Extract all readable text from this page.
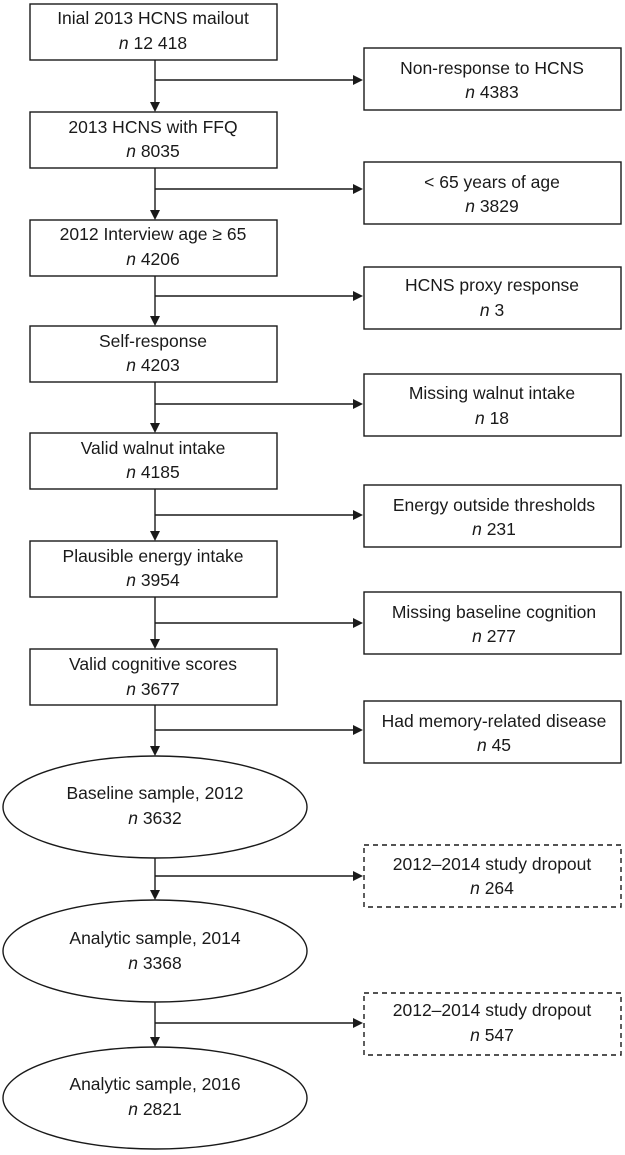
Inial 2013 HCNS mailout
n 12 418
2013 HCNS with FFQ
n 8035
2012 Interview age ≥ 65
n 4206
Self-response
n 4203
Valid walnut intake
n 4185
Plausible energy intake
n 3954
Valid cognitive scores
n 3677
Baseline sample, 2012
n 3632
Analytic sample, 2014
n 3368
Analytic sample, 2016
n 2821
Non-response to HCNS
n 4383
< 65 years of age
n 3829
HCNS proxy response
n 3
Missing walnut intake
n 18
Energy outside thresholds
n 231
Missing baseline cognition
n 277
Had memory-related disease
n 45
2012–2014 study dropout
n 264
2012–2014 study dropout
n 547
